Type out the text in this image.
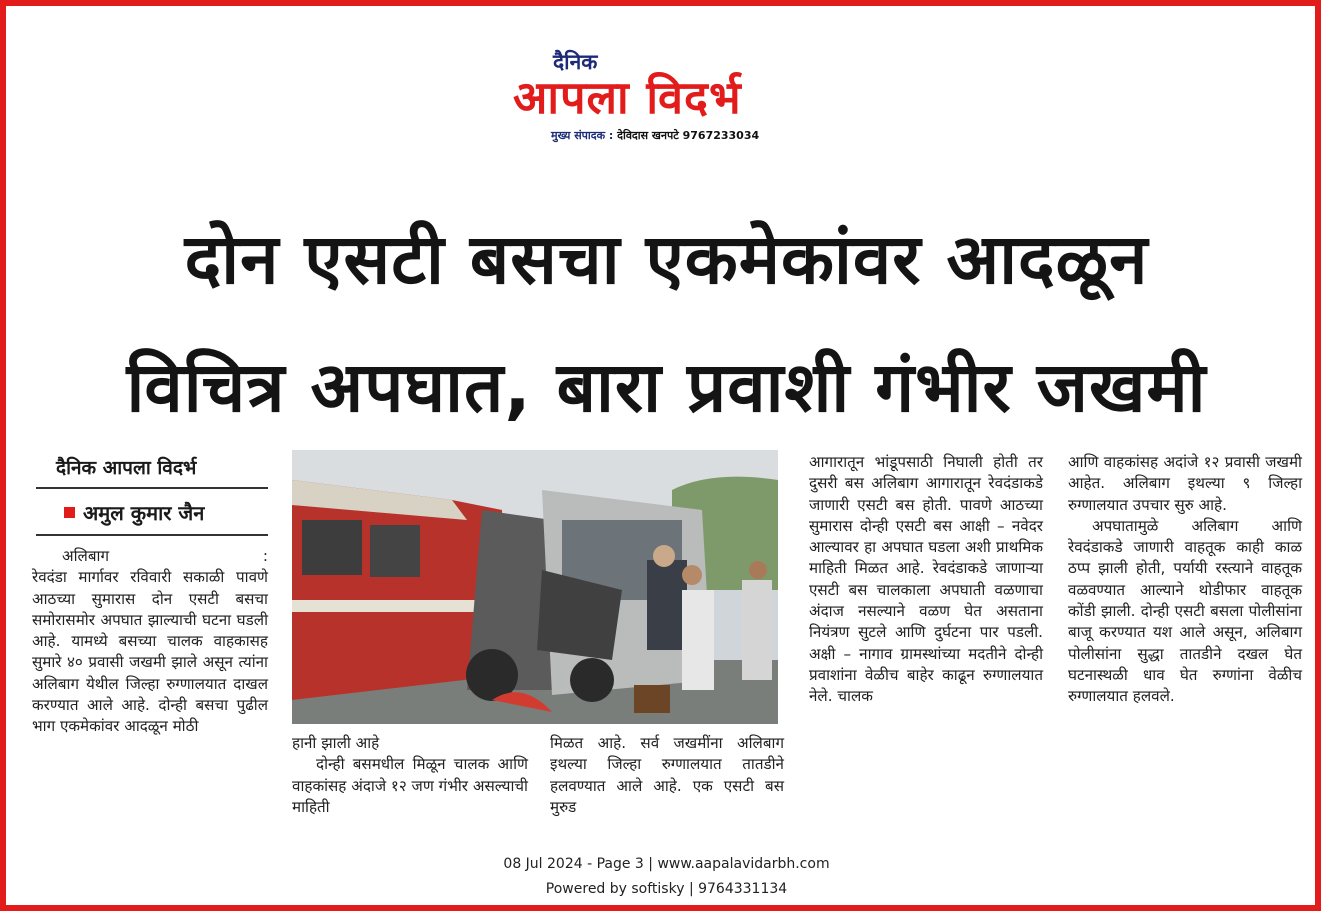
दैनिक
आपला विदर्भ
मुख्य संपादक : देविदास खनपटे 9767233034
दोन एसटी बसचा एकमेकांवर आदळून
विचित्र अपघात, बारा प्रवाशी गंभीर जखमी
दैनिक आपला विदर्भ
अमुल कुमार जैन
अलिबाग	:

रेवदंडा मार्गावर रविवारी सकाळी पावणे आठच्या सुमारास दोन एसटी बसचा समोरासमोर अपघात झाल्याची घटना घडली आहे. यामध्ये बसच्या चालक वाहकासह सुमारे ४० प्रवासी जखमी झाले असून त्यांना अलिबाग येथील जिल्हा रुग्णालयात दाखल करण्यात आले आहे. दोन्ही बसचा पुढील भाग एकमेकांवर आदळून मोठी

हानी झाली आहे

दोन्ही बसमधील मिळून चालक आणि वाहकांसह अंदाजे १२ जण गंभीर असल्याची माहिती

मिळत आहे. सर्व जखमींना अलिबाग इथल्या जिल्हा रुग्णालयात तातडीने हलवण्यात आले आहे. एक एसटी बस मुरुड

आगारातून भांडूपसाठी निघाली होती तर दुसरी बस अलिबाग आगारातून रेवदंडाकडे जाणारी एसटी बस होती. पावणे आठच्या सुमारास दोन्ही एसटी बस आक्षी – नवेदर आल्यावर हा अपघात घडला अशी प्राथमिक माहिती मिळत आहे. रेवदंडाकडे जाणाऱ्या एसटी बस चालकाला अपघाती वळणाचा अंदाज नसल्याने वळण घेत असताना नियंत्रण सुटले आणि दुर्घटना पार पडली. अक्षी – नागाव ग्रामस्थांच्या मदतीने दोन्ही प्रवाशांना वेळीच बाहेर काढून रुग्णालयात नेले. चालक

आणि वाहकांसह अदांजे १२ प्रवासी जखमी आहेत. अलिबाग इथल्या ९ जिल्हा रुग्णालयात उपचार सुरु आहे.

अपघातामुळे अलिबाग आणि रेवदंडाकडे जाणारी वाहतूक काही काळ ठप्प झाली होती, पर्यायी रस्त्याने वाहतूक वळवण्यात आल्याने थोडीफार वाहतूक कोंडी झाली. दोन्ही एसटी बसला पोलीसांना बाजू करण्यात यश आले असून, अलिबाग पोलीसांना सुद्धा तातडीने दखल घेत घटनास्थळी धाव घेत रुग्णांना वेळीच रुग्णालयात हलवले.

08 Jul 2024 - Page 3 | www.aapalavidarbh.com
Powered by softisky | 9764331134
